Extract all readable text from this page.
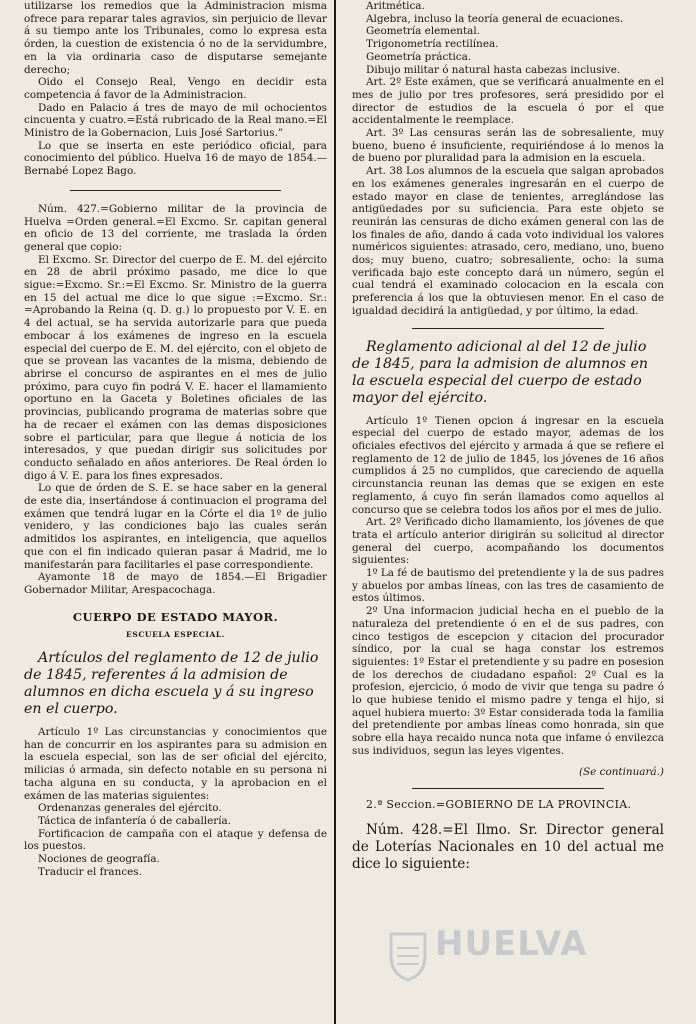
utilizarse los remedios que la Administracion misma ofrece para reparar tales agravios, sin perjuicio de llevar á su tiempo ante los Tribunales, como lo expresa esta órden, la cuestion de existencia ó no de la servidumbre, en la via ordinaria caso de disputarse semejante derecho;

Oido el Consejo Real, Vengo en decidir esta competencia á favor de la Administracion.

Dado en Palacio á tres de mayo de mil ochocientos cincuenta y cuatro.=Está rubricado de la Real mano.=El Ministro de la Gobernacion, Luis José Sartorius.”

Lo que se inserta en este periódico oficial, para conocimiento del público. Huelva 16 de mayo de 1854.—Bernabé Lopez Bago.

Núm. 427.=Gobierno militar de la provincia de Huelva =Orden general.=El Excmo. Sr. capitan general en oficio de 13 del corriente, me traslada la órden general que copio:

El Excmo. Sr. Director del cuerpo de E. M. del ejército en 28 de abril próximo pasado, me dice lo que sigue:=Excmo. Sr.:=El Excmo. Sr. Ministro de la guerra en 15 del actual me dice lo que sigue :=Excmo. Sr.: =Aprobando la Reina (q. D. g.) lo propuesto por V. E. en 4 del actual, se ha servida autorizarle para que pueda embocar á los exámenes de ingreso en la escuela especial del cuerpo de E. M. del ejército, con el objeto de que se provean las vacantes de la misma, debiendo de abrirse el concurso de aspirantes en el mes de julio próximo, para cuyo fin podrá V. E. hacer el llamamiento oportuno en la Gaceta y Boletines oficiales de las provincias, publicando programa de materias sobre que ha de recaer el exámen con las demas disposiciones sobre el particular, para que llegue á noticia de los interesados, y que puedan dirigir sus solicitudes por conducto señalado en años anteriores. De Real órden lo digo á V. E. para los fines expresados.

Lo que de órden de S. E. se hace saber en la general de este dia, insertándose á continuacion el programa del exámen que tendrá lugar en la Córte el dia 1º de julio venidero, y las condiciones bajo las cuales serán admitidos los aspirantes, en inteligencia, que aquellos que con el fin indicado quieran pasar á Madrid, me lo manifestarán para facilitarles el pase correspondiente.

Ayamonte 18 de mayo de 1854.—El Brigadier Gobernador Militar, Arespacochaga.

CUERPO DE ESTADO MAYOR.
ESCUELA ESPECIAL.

Artículos del reglamento de 12 de julio de 1845, referentes á la admision de alumnos en dicha escuela y á su ingreso en el cuerpo.

Artículo 1º Las circunstancias y conocimientos que han de concurrir en los aspirantes para su admision en la escuela especial, son las de ser oficial del ejército, milicias ó armada, sin defecto notable en su persona ni tacha alguna en su conducta, y la aprobacion en el exámen de las materias siguientes:

Ordenanzas generales del ejército.

Táctica de infantería ó de caballería.

Fortificacion de campaña con el ataque y defensa de los puestos.

Nociones de geografía.

Traducir el frances.

Aritmética.

Algebra, incluso la teoría general de ecuaciones.

Geometría elemental.

Trigonometría rectilínea.

Geometría práctica.

Dibujo militar ó natural hasta cabezas inclusive.

Art. 2º Este exámen, que se verificará anualmente en el mes de julio por tres profesores, será presidido por el director de estudios de la escuela ó por el que accidentalmente le reemplace.

Art. 3º Las censuras serán las de sobresaliente, muy bueno, bueno é insuficiente, requiriéndose á lo menos la de bueno por pluralidad para la admision en la escuela.

Art. 38 Los alumnos de la escuela que salgan aprobados en los exámenes generales ingresarán en el cuerpo de estado mayor en clase de tenientes, arreglándose las antigüedades por su suficiencia. Para este objeto se reunirán las censuras de dicho exámen general con las de los finales de año, dando á cada voto individual los valores numéricos siguientes: atrasado, cero, mediano, uno, bueno dos; muy bueno, cuatro; sobresaliente, ocho: la suma verificada bajo este concepto dará un número, según el cual tendrá el examinado colocacion en la escala con preferencia á los que la obtuviesen menor. En el caso de igualdad decidirá la antigüedad, y por último, la edad.

Reglamento adicional al del 12 de julio de 1845, para la admision de alumnos en la escuela especial del cuerpo de estado mayor del ejército.

Artículo 1º Tienen opcion á ingresar en la escuela especial del cuerpo de estado mayor, ademas de los oficiales efectivos del ejército y armada á que se refiere el reglamento de 12 de julio de 1845, los jóvenes de 16 años cumplidos á 25 no cumplidos, que careciendo de aquella circunstancia reunan las demas que se exigen en este reglamento, á cuyo fin serán llamados como aquellos al concurso que se celebra todos los años por el mes de julio.

Art. 2º Verificado dicho llamamiento, los jóvenes de que trata el artículo anterior dirigirán su solicitud al director general del cuerpo, acompañando los documentos siguientes:

1º La fé de bautismo del pretendiente y la de sus padres y abuelos por ambas líneas, con las tres de casamiento de estos últimos.

2º Una informacion judicial hecha en el pueblo de la naturaleza del pretendiente ó en el de sus padres, con cinco testigos de escepcion y citacion del procurador síndico, por la cual se haga constar los estremos siguientes: 1º Estar el pretendiente y su padre en posesion de los derechos de ciudadano español: 2º Cual es la profesion, ejercicio, ó modo de vivir que tenga su padre ó lo que hubiese tenido el mismo padre y tenga el hijo, si aquel hubiera muerto: 3º Estar considerada toda la familia del pretendiente por ambas líneas como honrada, sin que sobre ella haya recaido nunca nota que infame ó envilezca sus individuos, segun las leyes vigentes.

(Se continuará.)

2.ª Seccion.=GOBIERNO DE LA PROVINCIA.

Núm. 428.=El Ilmo. Sr. Director general de Loterías Nacionales en 10 del actual me dice lo siguiente:

HUELVA
